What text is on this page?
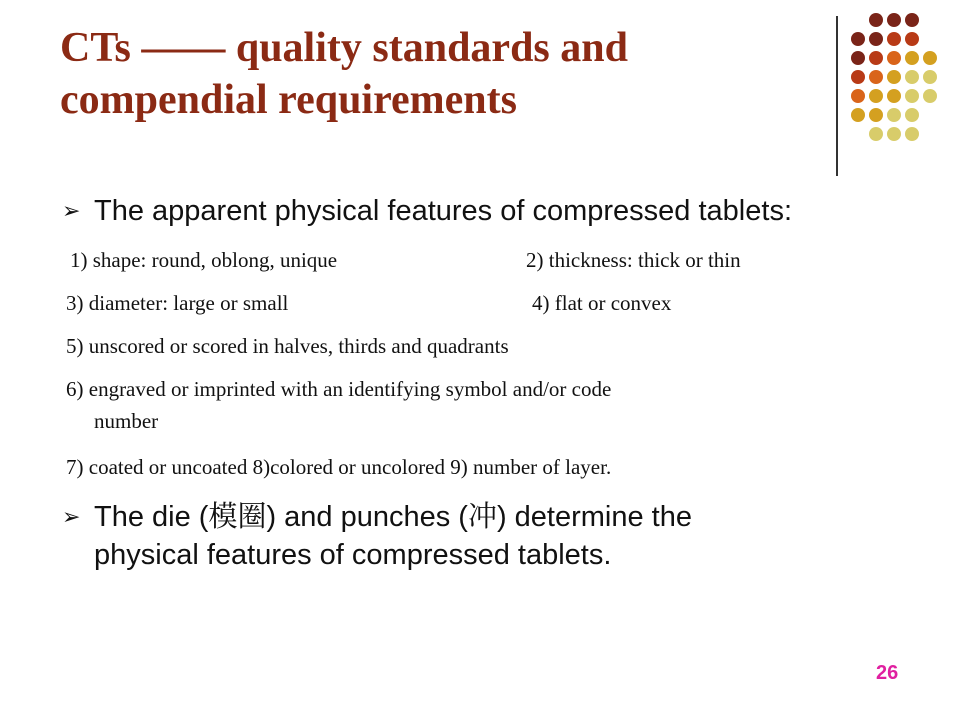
CTs —— quality standards and
compendial requirements
➢ The apparent physical features of compressed tablets:
1) shape: round, oblong, unique	2) thickness: thick or thin
3) diameter: large or small	4) flat or convex
5) unscored or scored in halves, thirds and quadrants
6) engraved or imprinted with an identifying symbol and/or code
number
7) coated or uncoated 8)colored or uncolored 9) number of layer.
➢ The die (模圈) and punches (冲) determine the
physical features of compressed tablets.
26
